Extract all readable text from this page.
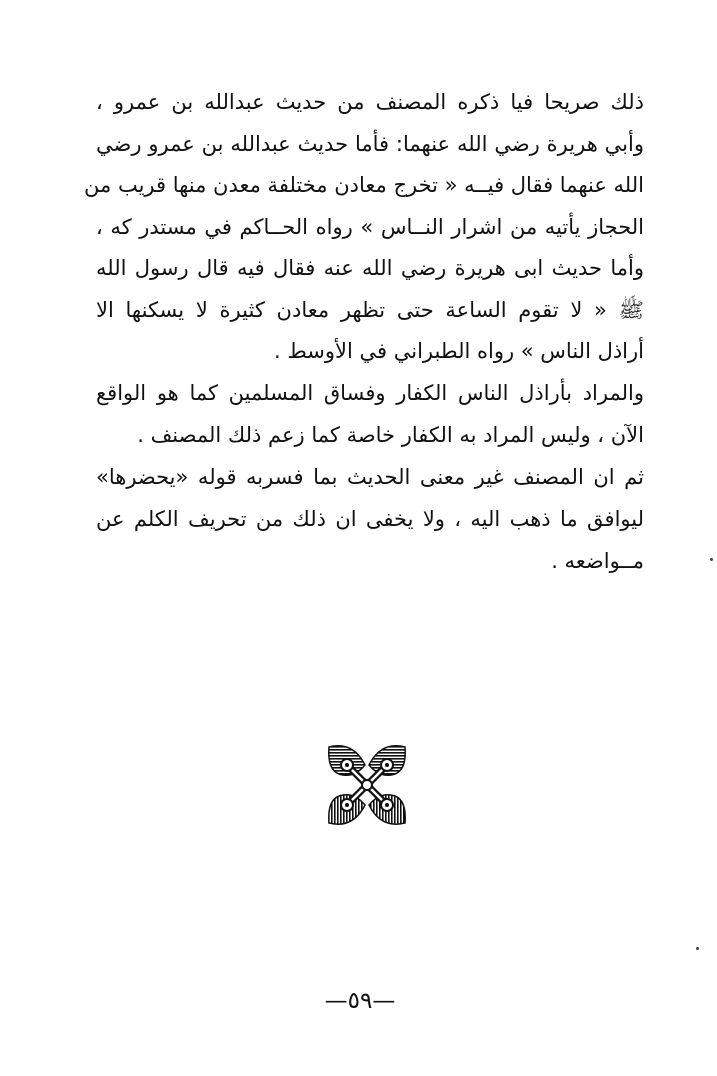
ذلك صريحا فيا ذكره المصنف من حديث عبدالله بن عمرو ،
وأبي هريرة رضي الله عنهما: فأما حديث عبدالله بن عمرو رضي
الله عنهما فقال فيــه « تخرج معادن مختلفة معدن منها قريب من
الحجاز يأتيه من اشرار النــاس » رواه الحــاكم في مستدر كه ،
وأما حديث ابى هريرة رضي الله عنه فقال فيه قال رسول الله
ﷺ « لا تقوم الساعة حتى تظهر معادن كثيرة لا يسكنها الا
أراذل الناس » رواه الطبراني في الأوسط .
والمراد بأراذل الناس الكفار وفساق المسلمين كما هو الواقع
الآن ، وليس المراد به الكفار خاصة كما زعم ذلك المصنف .
ثم ان المصنف غير معنى الحديث بما فسربه قوله «يحضرها»
ليوافق ما ذهب اليه ، ولا يخفى ان ذلك من تحريف الكلم عن
مــواضعه .
—٥٩—
